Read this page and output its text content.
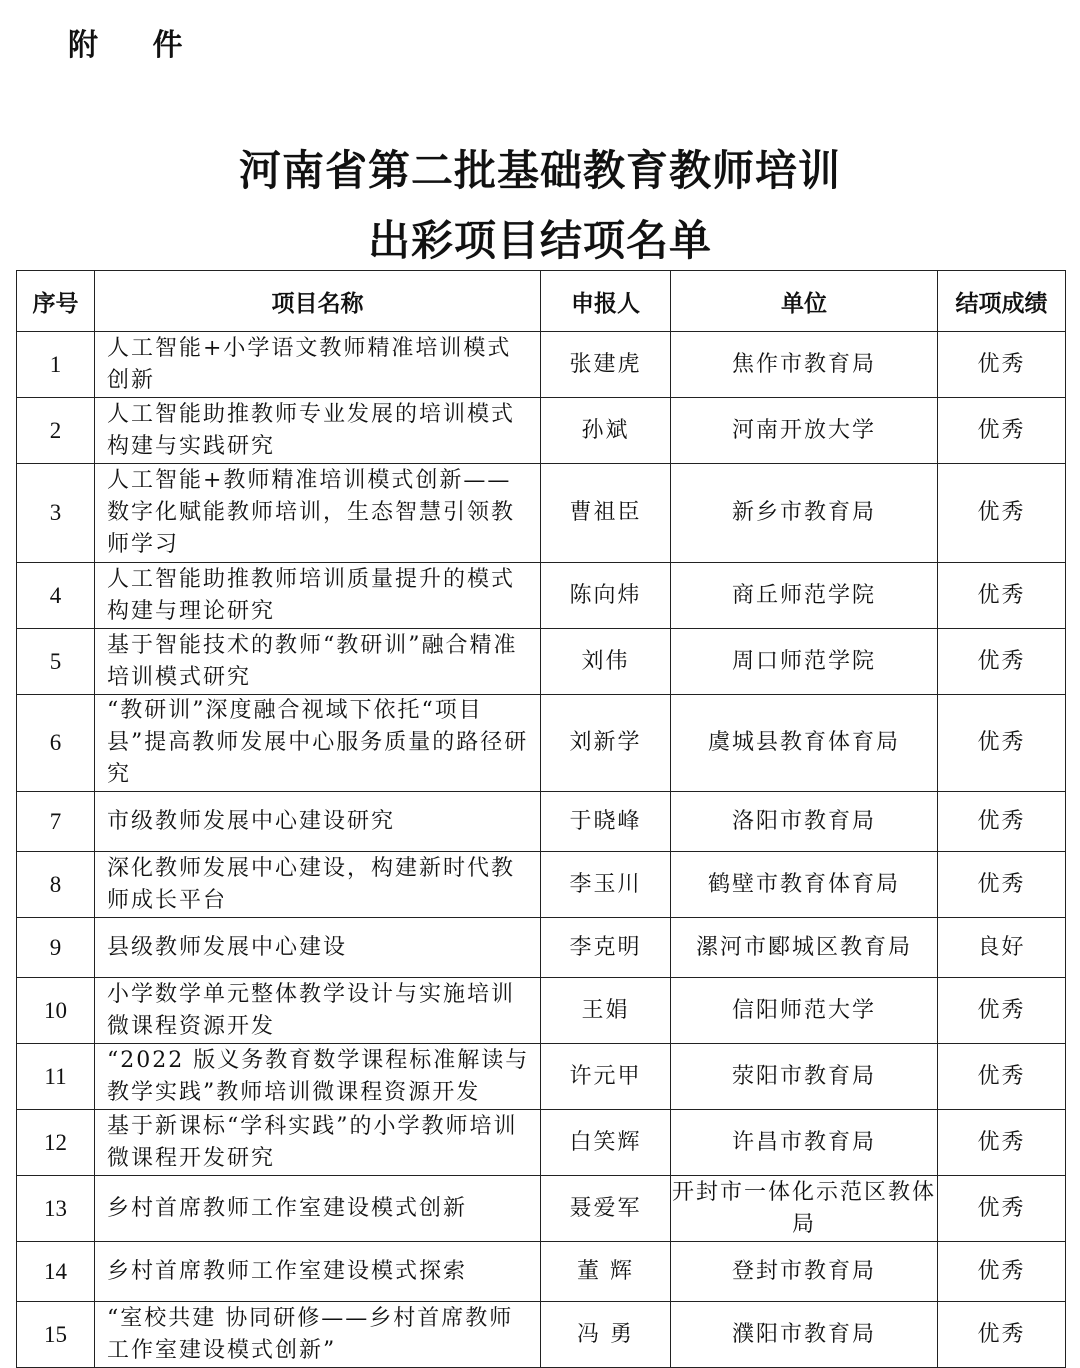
附 件
河南省第二批基础教育教师培训
出彩项目结项名单
序号	项目名称	申报人	单位	结项成绩
1	人工智能+小学语文教师精准培训模式创新	张建虎	焦作市教育局	优秀
2	人工智能助推教师专业发展的培训模式构建与实践研究	孙斌	河南开放大学	优秀
3	人工智能+教师精准培训模式创新——数字化赋能教师培训，生态智慧引领教师学习	曹祖臣	新乡市教育局	优秀
4	人工智能助推教师培训质量提升的模式构建与理论研究	陈向炜	商丘师范学院	优秀
5	基于智能技术的教师“教研训”融合精准培训模式研究	刘伟	周口师范学院	优秀
6	“教研训”深度融合视域下依托“项目县”提高教师发展中心服务质量的路径研究	刘新学	虞城县教育体育局	优秀
7	市级教师发展中心建设研究	于晓峰	洛阳市教育局	优秀
8	深化教师发展中心建设，构建新时代教师成长平台	李玉川	鹤壁市教育体育局	优秀
9	县级教师发展中心建设	李克明	漯河市郾城区教育局	良好
10	小学数学单元整体教学设计与实施培训微课程资源开发	王娟	信阳师范大学	优秀
11	“2022 版义务教育数学课程标准解读与教学实践”教师培训微课程资源开发	许元甲	荥阳市教育局	优秀
12	基于新课标“学科实践”的小学教师培训微课程开发研究	白笑辉	许昌市教育局	优秀
13	乡村首席教师工作室建设模式创新	聂爱军	开封市一体化示范区教体局	优秀
14	乡村首席教师工作室建设模式探索	董 辉	登封市教育局	优秀
15	“室校共建 协同研修——乡村首席教师工作室建设模式创新”	冯 勇	濮阳市教育局	优秀
